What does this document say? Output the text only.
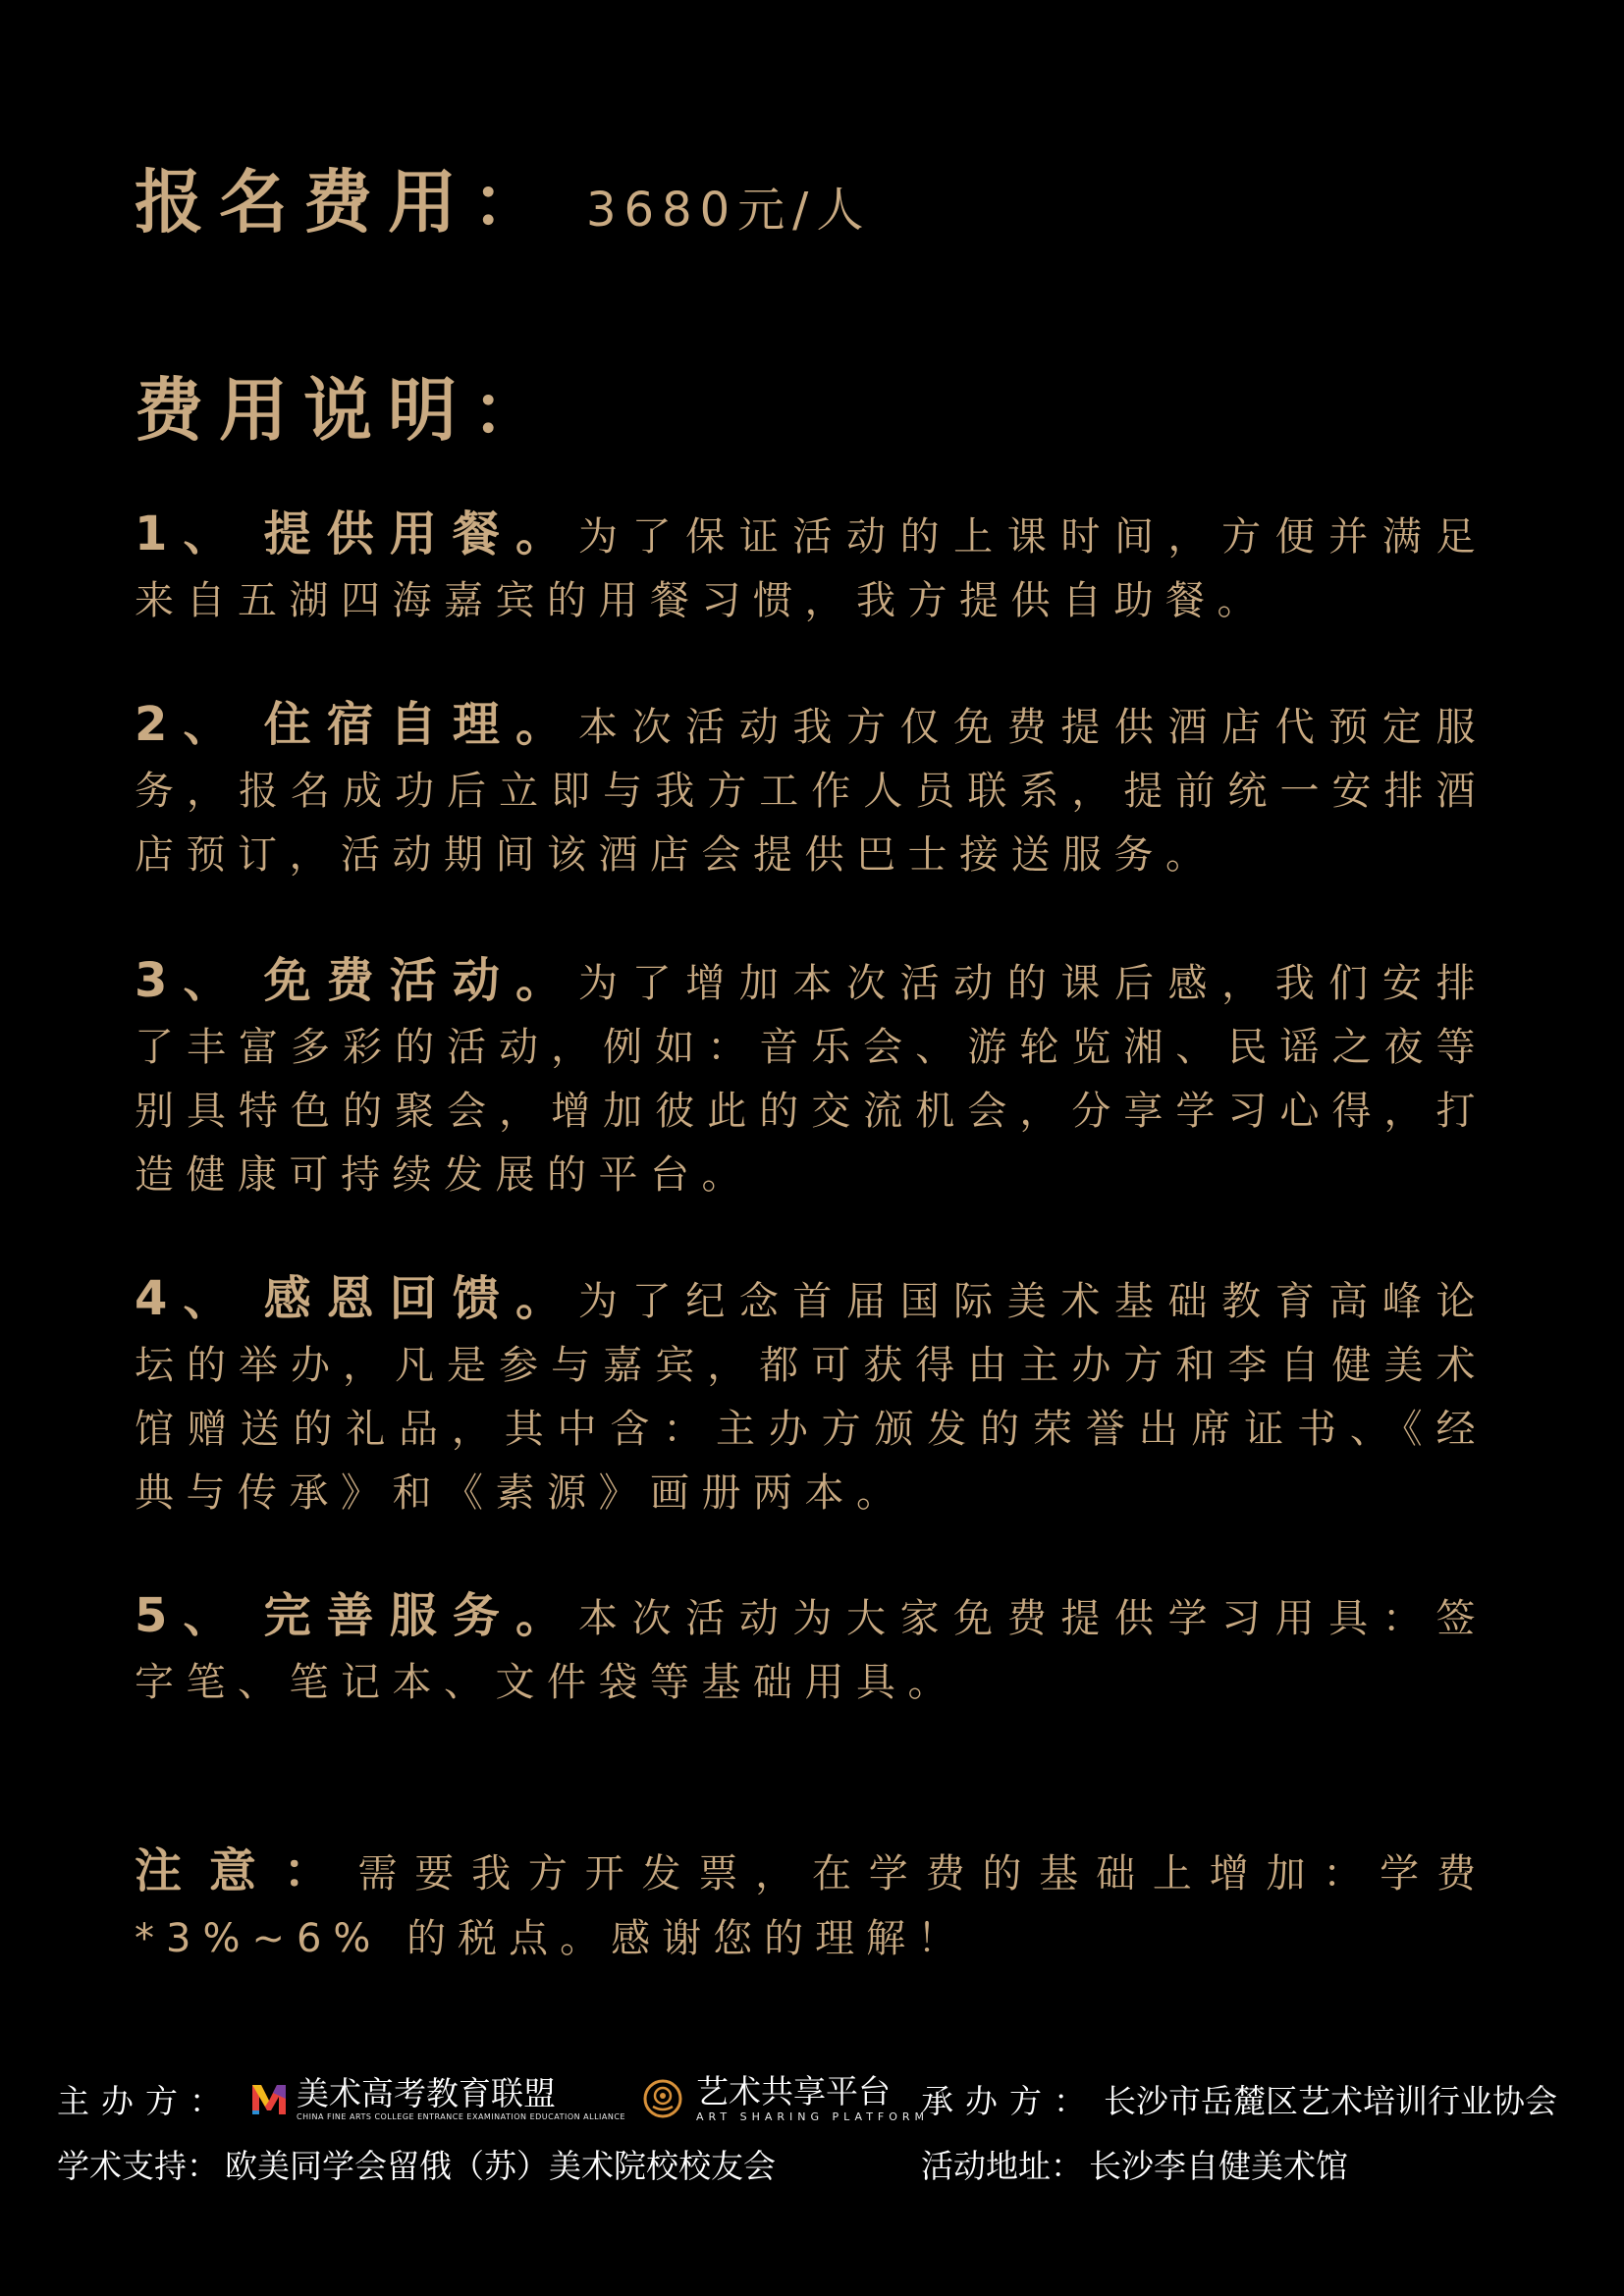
报名费用： 3680元/人
费用说明：
1、 提供用餐。为了保证活动的上课时间，方便并满足来自五湖四海嘉宾的用餐习惯，我方提供自助餐。
2、 住宿自理。本次活动我方仅免费提供酒店代预定服务，报名成功后立即与我方工作人员联系，提前统一安排酒店预订，活动期间该酒店会提供巴士接送服务。
3、 免费活动。为了增加本次活动的课后感，我们安排了丰富多彩的活动，例如：音乐会、游轮览湘、民谣之夜等别具特色的聚会，增加彼此的交流机会，分享学习心得，打造健康可持续发展的平台。
4、 感恩回馈。为了纪念首届国际美术基础教育高峰论坛的举办，凡是参与嘉宾，都可获得由主办方和李自健美术馆赠送的礼品，其中含：主办方颁发的荣誉出席证书、《经典与传承》和《素源》画册两本。
5、 完善服务。本次活动为大家免费提供学习用具：签字笔、笔记本、文件袋等基础用具。
注意：需要我方开发票，在学费的基础上增加：学费*3%~6% 的税点。感谢您的理解！
主办方： 美术高考教育联盟
CHINA FINE ARTS COLLEGE ENTRANCE EXAMINATION EDUCATION ALLIANCE
艺术共享平台
ART SHARING PLATFORM
承办方： 长沙市岳麓区艺术培训行业协会
学术支持： 欧美同学会留俄（苏）美术院校校友会	活动地址： 长沙李自健美术馆
